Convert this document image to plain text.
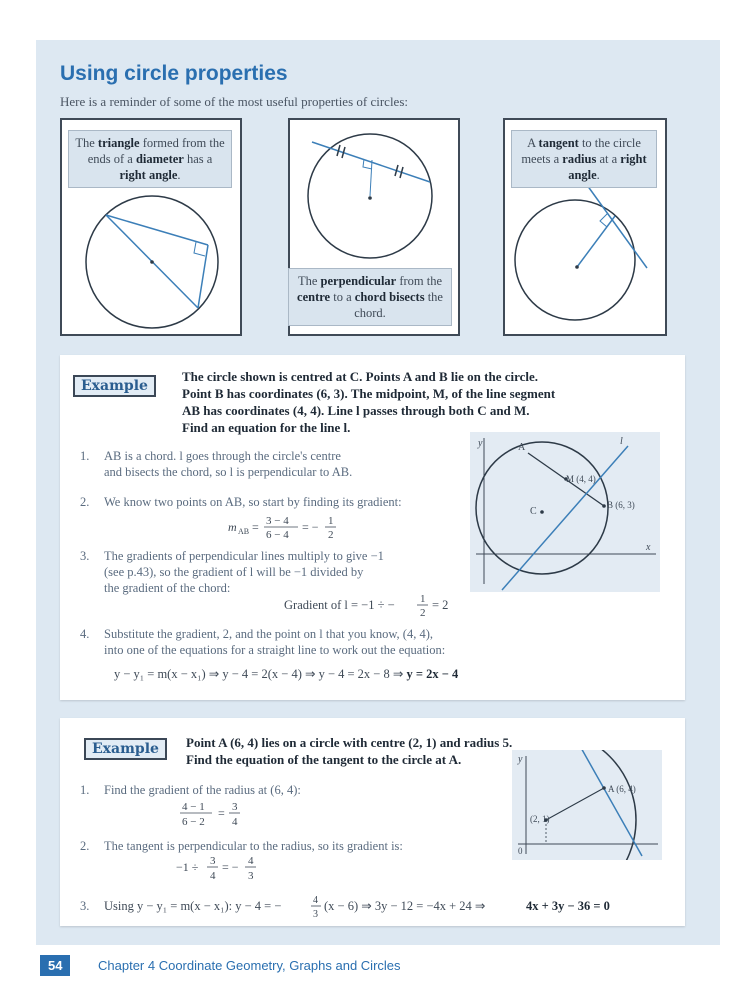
Using circle properties
Here is a reminder of some of the most useful properties of circles:
The triangle formed from the ends of a diameter has a right angle.
The perpendicular from the centre to a chord bisects the chord.
A tangent to the circle meets a radius at a right angle.
Example
The circle shown is centred at C. Points A and B lie on the circle.
Point B has coordinates (6, 3). The midpoint, M, of the line segment
AB has coordinates (4, 4). Line l passes through both C and M.
Find an equation for the line l.
1. AB is a chord. l goes through the circle's centre
and bisects the chord, so l is perpendicular to AB.
2. We know two points on AB, so start by finding its gradient:
m AB = 3 − 4
6 − 4
= − 1
2
3. The gradients of perpendicular lines multiply to give −1
(see p.43), so the gradient of l will be −1 divided by
the gradient of the chord:
Gradient of l = −1 ÷ − 1
2
= 2
4. Substitute the gradient, 2, and the point on l that you know, (4, 4),
into one of the equations for a straight line to work out the equation:
y − y₁ = m(x − x₁) ⇒ y − 4 = 2(x − 4) ⇒ y − 4 = 2x − 8 ⇒ y = 2x − 4
y
x
A
M (4, 4)
B (6, 3)
C
l
Example	Point A (6, 4) lies on a circle with centre (2, 1) and radius 5.
Find the equation of the tangent to the circle at A.
1. Find the gradient of the radius at (6, 4):
4 − 1
6 − 2
= 3
4
2. The tangent is perpendicular to the radius, so its gradient is:
−1 ÷ 3
4
= − 4
3
3. Using y − y₁ = m(x − x₁): y − 4 = −	4
3
(x − 6) ⇒ 3y − 12 = −4x + 24 ⇒	4x + 3y − 36 = 0
y
A (6, 4)
(2, 1)
0
54	Chapter 4 Coordinate Geometry, Graphs and Circles
